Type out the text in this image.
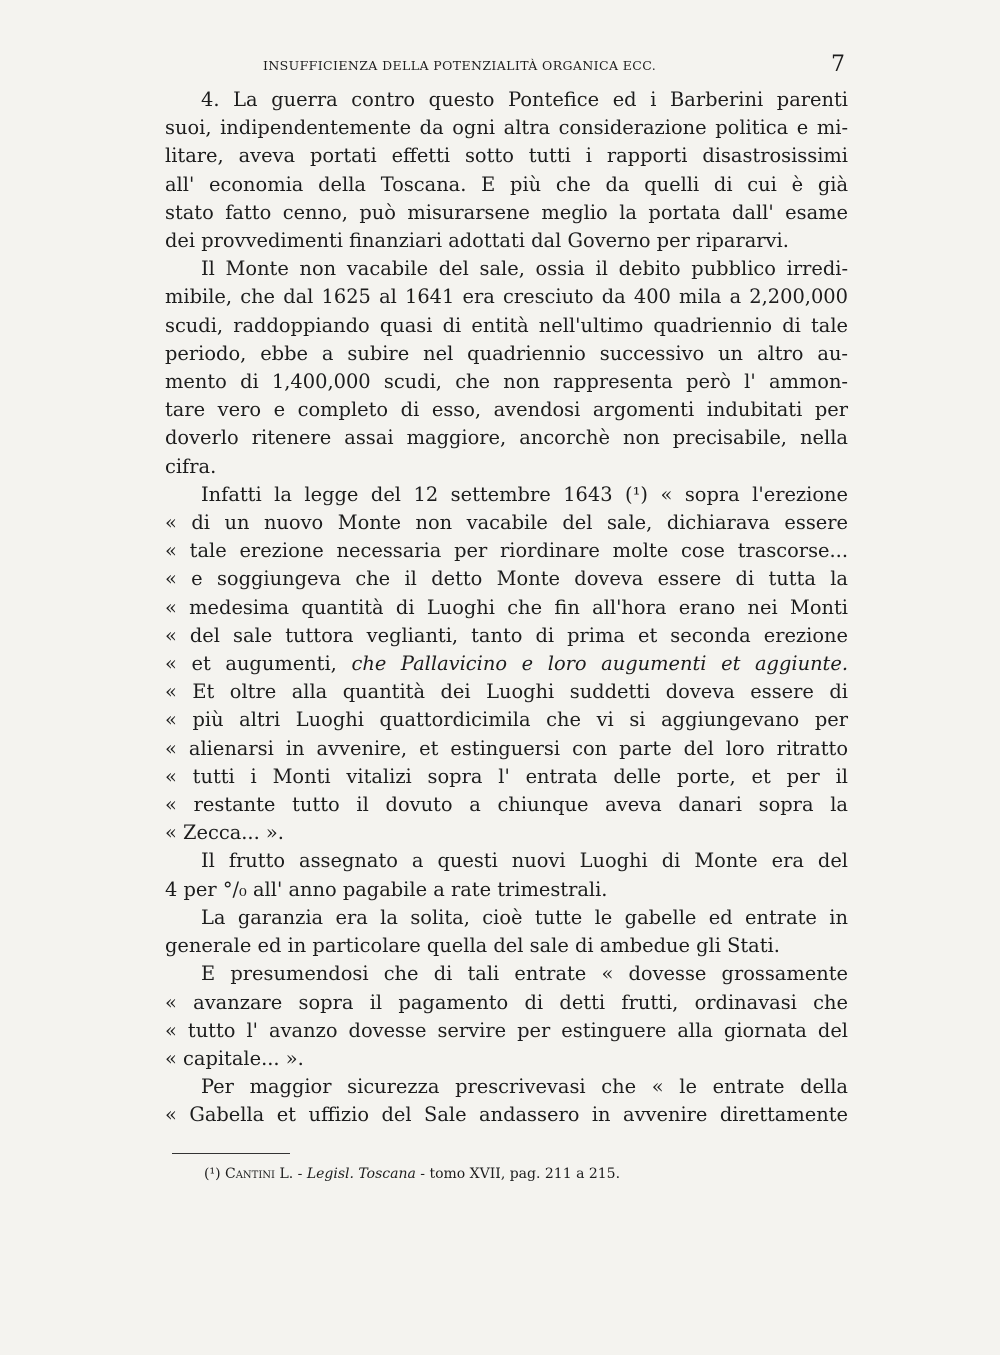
INSUFFICIENZA DELLA POTENZIALITÀ ORGANICA ECC.	7

4. La guerra contro questo Pontefice ed i Barberini parenti
suoi, indipendentemente da ogni altra considerazione politica e mi-
litare, aveva portati effetti sotto tutti i rapporti disastrosissimi
all' economia della Toscana. E più che da quelli di cui è già
stato fatto cenno, può misurarsene meglio la portata dall' esame
dei provvedimenti finanziari adottati dal Governo per ripararvi.

Il Monte non vacabile del sale, ossia il debito pubblico irredi-
mibile, che dal 1625 al 1641 era cresciuto da 400 mila a 2,200,000
scudi, raddoppiando quasi di entità nell'ultimo quadriennio di tale
periodo, ebbe a subire nel quadriennio successivo un altro au-
mento di 1,400,000 scudi, che non rappresenta però l' ammon-
tare vero e completo di esso, avendosi argomenti indubitati per
doverlo ritenere assai maggiore, ancorchè non precisabile, nella
cifra.

Infatti la legge del 12 settembre 1643 (¹) « sopra l'erezione
« di un nuovo Monte non vacabile del sale, dichiarava essere
« tale erezione necessaria per riordinare molte cose trascorse...
« e soggiungeva che il detto Monte doveva essere di tutta la
« medesima quantità di Luoghi che fin all'hora erano nei Monti
« del sale tuttora veglianti, tanto di prima et seconda erezione
« et augumenti, che Pallavicino e loro augumenti et aggiunte.
« Et oltre alla quantità dei Luoghi suddetti doveva essere di
« più altri Luoghi quattordicimila che vi si aggiungevano per
« alienarsi in avvenire, et estinguersi con parte del loro ritratto
« tutti i Monti vitalizi sopra l' entrata delle porte, et per il
« restante tutto il dovuto a chiunque aveva danari sopra la
« Zecca... ».

Il frutto assegnato a questi nuovi Luoghi di Monte era del
4 per °/₀ all' anno pagabile a rate trimestrali.

La garanzia era la solita, cioè tutte le gabelle ed entrate in
generale ed in particolare quella del sale di ambedue gli Stati.

E presumendosi che di tali entrate « dovesse grossamente
« avanzare sopra il pagamento di detti frutti, ordinavasi che
« tutto l' avanzo dovesse servire per estinguere alla giornata del
« capitale... ».

Per maggior sicurezza prescrivevasi che « le entrate della
« Gabella et uffizio del Sale andassero in avvenire direttamente

(¹) Cantini L. - Legisl. Toscana - tomo XVII, pag. 211 a 215.
